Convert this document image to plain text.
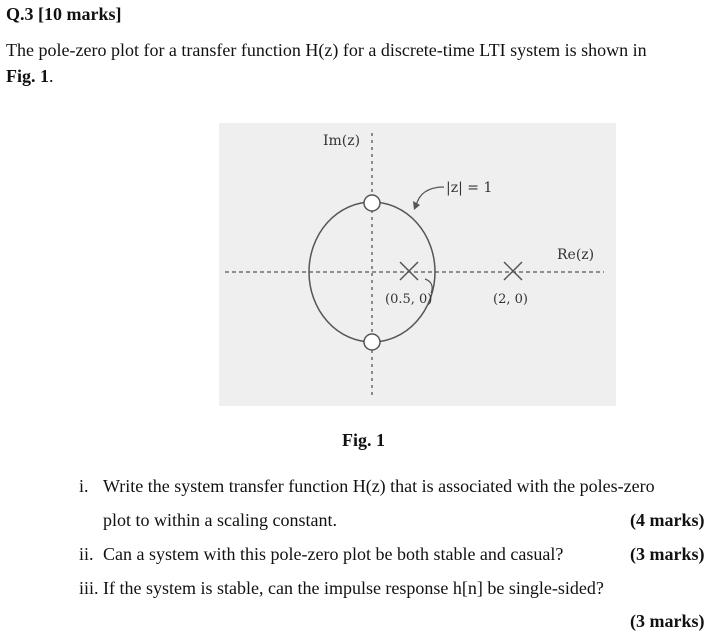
Q.3 [10 marks]
The pole-zero plot for a transfer function H(z) for a discrete-time LTI system is shown in
Fig. 1.
Im(z)
Re(z)
|z| = 1
(0.5, 0)	(2, 0)
Fig. 1
i. Write the system transfer function H(z) that is associated with the poles-zero
plot to within a scaling constant.	(4 marks)
ii. Can a system with this pole-zero plot be both stable and casual?	(3 marks)
iii. If the system is stable, can the impulse response h[n] be single-sided?
(3 marks)
